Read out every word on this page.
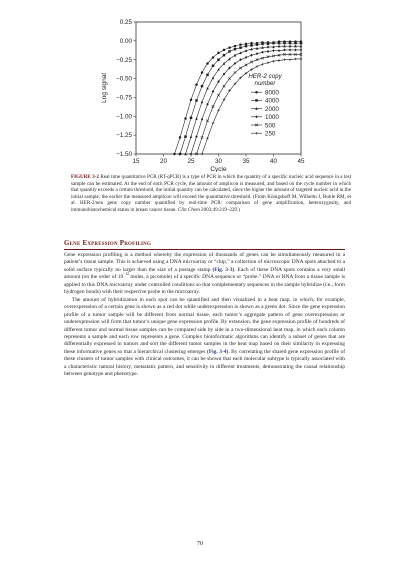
15	20	25	30	35	40	45
0.25
0.00
−0.25
−0.50
−0.75
−1.00
−1.25
−1.50
Cycle
Log signal	HER-2 copy
number
8000
4000
2000
1000
500
250
FIGURE 3-2 Real time quantitative PCR (RT-qPCR) is a type of PCR in which the quantity of a specific nucleic acid sequence in a test sample can be estimated. At the end of each PCR cycle, the amount of amplicon is measured, and based on the cycle number in which that quantity exceeds a certain threshold, the initial quantity can be calculated, since the higher the amount of targeted nucleic acid in the initial sample, the earlier the measured amplicon will exceed the quantitative threshold. (From Königshoff M, Wilhelm J, Bohle RM, et al. HER-2/neu gene copy number quantified by real-time PCR: comparison of gene amplification, heterozygosity, and immunohistochemical status in breast cancer tissue. Clin Chem 2003;49:219–229.)
Gene Expression Profiling

Gene expression profiling is a method whereby the expression of thousands of genes can be simultaneously measured in a patient’s tissue sample. This is achieved using a DNA microarray or “chip,” a collection of microscopic DNA spots attached to a solid surface typically no larger than the size of a postage stamp (Fig. 3-3). Each of these DNA spots contains a very small amount (on the order of $10^{-12}$ moles, a picomole) of a specific DNA sequence or “probe.” DNA or RNA from a tissue sample is applied to this DNA microarray under controlled conditions so that complementary sequences in the sample hybridize (i.e., form hydrogen bonds) with their respective probe in the microarray.

The amount of hybridization in each spot can be quantified and then visualized in a heat map, in which, for example, overexpression of a certain gene is shown as a red dot while underexpression is shown as a green dot. Since the gene expression profile of a tumor sample will be different from normal tissue, each tumor’s aggregate pattern of gene overexpression or underexpression will form that tumor’s unique gene expression profile. By extension, the gene expression profile of hundreds of different tumor and normal tissue samples can be compared side by side in a two-dimensional heat map, in which each column represents a sample and each row represents a gene. Complex bioinformatic algorithms can identify a subset of genes that are differentially expressed in tumors and sort the different tumor samples in the heat map based on their similarity in expressing these informative genes so that a hierarchical clustering emerges (Fig. 3-4). By correlating the shared gene expression profile of these clusters of tumor samples with clinical outcomes, it can be shown that each molecular subtype is typically associated with a characteristic natural history, metastatic pattern, and sensitivity to different treatments, demonstrating the causal relationship between genotype and phenotype.

70
